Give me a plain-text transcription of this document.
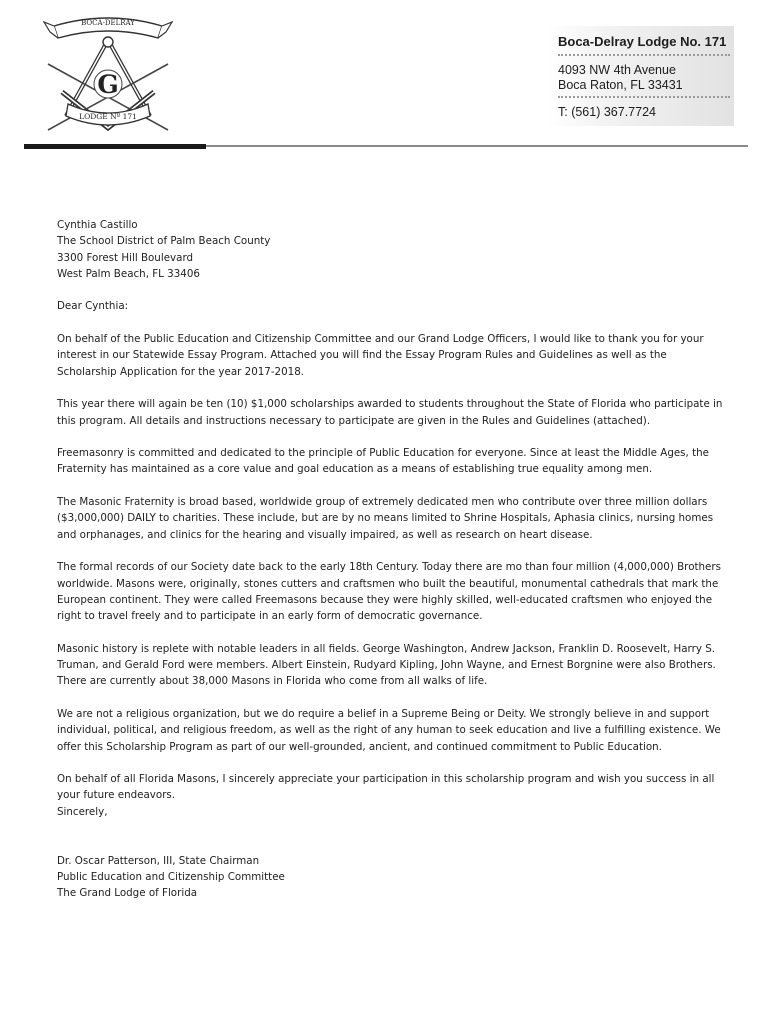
BOCA-DELRAY
G
LODGE Nº 171
Boca-Delray Lodge No. 171
4093 NW 4th Avenue
Boca Raton, FL 33431
T: (561) 367.7724

Cynthia Castillo
The School District of Palm Beach County
3300 Forest Hill Boulevard
West Palm Beach, FL 33406

Dear Cynthia:

On behalf of the Public Education and Citizenship Committee and our Grand Lodge Officers, I would like to thank you for your interest in our Statewide Essay Program. Attached you will find the Essay Program Rules and Guidelines as well as the Scholarship Application for the year 2017-2018.

This year there will again be ten (10) $1,000 scholarships awarded to students throughout the State of Florida who participate in this program. All details and instructions necessary to participate are given in the Rules and Guidelines (attached).

Freemasonry is committed and dedicated to the principle of Public Education for everyone. Since at least the Middle Ages, the Fraternity has maintained as a core value and goal education as a means of establishing true equality among men.

The Masonic Fraternity is broad based, worldwide group of extremely dedicated men who contribute over three million dollars ($3,000,000) DAILY to charities. These include, but are by no means limited to Shrine Hospitals, Aphasia clinics, nursing homes and orphanages, and clinics for the hearing and visually impaired, as well as research on heart disease.

The formal records of our Society date back to the early 18th Century. Today there are mo than four million (4,000,000) Brothers worldwide. Masons were, originally, stones cutters and craftsmen who built the beautiful, monumental cathedrals that mark the European continent. They were called Freemasons because they were highly skilled, well-educated craftsmen who enjoyed the right to travel freely and to participate in an early form of democratic governance.

Masonic history is replete with notable leaders in all fields. George Washington, Andrew Jackson, Franklin D. Roosevelt, Harry S. Truman, and Gerald Ford were members. Albert Einstein, Rudyard Kipling, John Wayne, and Ernest Borgnine were also Brothers. There are currently about 38,000 Masons in Florida who come from all walks of life.

We are not a religious organization, but we do require a belief in a Supreme Being or Deity. We strongly believe in and support individual, political, and religious freedom, as well as the right of any human to seek education and live a fulfilling existence. We offer this Scholarship Program as part of our well-grounded, ancient, and continued commitment to Public Education.

On behalf of all Florida Masons, I sincerely appreciate your participation in this scholarship program and wish you success in all your future endeavors.
Sincerely,
Dr. Oscar Patterson, III, State Chairman
Public Education and Citizenship Committee
The Grand Lodge of Florida
